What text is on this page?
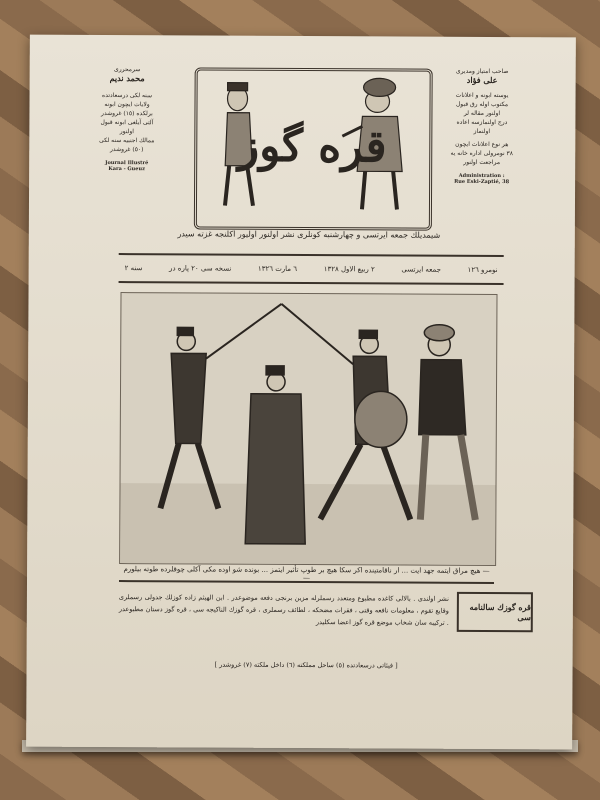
سرمحرری
محمد نديم
سنه لكى درسعادتده
ولايات ايچون ابونه
برلكده (١٥) غروشدر
آلتى آيلغى ابونه قبول
اولنور
ممالك اجنبيه سنه لكى
(٥٠) غروشدر
Journal Illustré
Kara - Gueuz	قره گوز
صاحب امتياز ومديرى
على فؤاد
يوسته ابونه و اعلانات
مكتوب اوله رق قبول
اولنور مقاله لر
درج اولنمازسه اعاده
اولنماز
هر نوع اعلانات ايچون
٣٨ نومرولى اداره خانه يه
مراجعت اولنور
Administration :
Rue Eski-Zaptié, 38
شيمديلك جمعه ايرتسى و چهارشنبه كونلرى نشر اولنور اوليور اكلنجه غزته سيدر
نومرو ١٢٦
جمعه ايرتسى
٢ ربيع الاول ١٣٢٨
٦ مارت ١٣٢٦
نسخه سى ٢٠ پاره در
سنه ٢
— هيچ مراق ايتمه جهد ايت ... ار ناقامتينده اكر سكا هيچ بر طوپ تأثير ايتمز ... بونده شو اوده مكى آكلى چوقلرده طوته بيلورم —
قره گوزك سالنامه سى
نشر اولندى . بالالى كاغده مطبوع ومتعدد رسملرله مزين برنجى دفعه موضوعدر . ابن الهيثم زاده كوزلك جدولى رسملرى وقايع تقوم ، معلومات نافعه وقتى ، فقرات مضحكه ، لطائف رسملرى ، قره گوزك الناكيجه سى ، قره گوز دستان مطبوعدر . تركيبه سان شخاب موضع قره گوز اعضا سكليدر
[ فيئاتى درسعادتده (٥) ساحل مملكته (٦) داخل ملكته (٧) غروشدر ]
